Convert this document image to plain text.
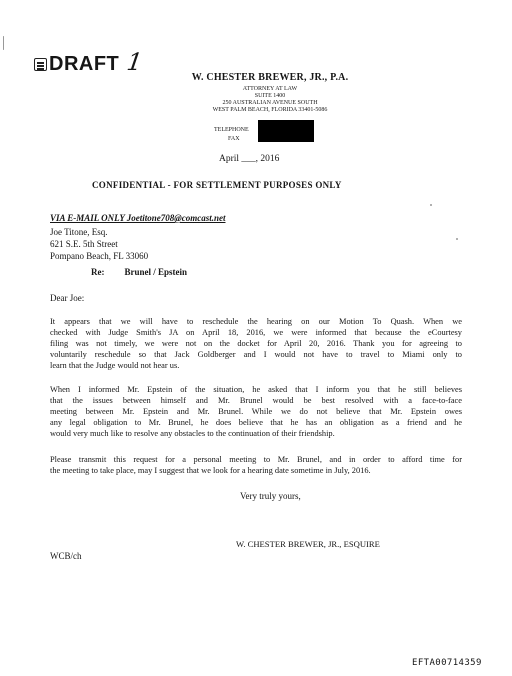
DRAFT 1
W. CHESTER BREWER, JR., P.A.
ATTORNEY AT LAW
SUITE 1400
250 AUSTRALIAN AVENUE SOUTH
WEST PALM BEACH, FLORIDA 33401-5086
TELEPHONE
FAX
April ___, 2016
CONFIDENTIAL - FOR SETTLEMENT PURPOSES ONLY
VIA E-MAIL ONLY Joetitone708@comcast.net
Joe Titone, Esq.
621 S.E. 5th Street
Pompano Beach, FL 33060
Re: Brunel / Epstein
Dear Joe:
It appears that we will have to reschedule the hearing on our Motion To Quash. When we
checked with Judge Smith's JA on April 18, 2016, we were informed that because the eCourtesy
filing was not timely, we were not on the docket for April 20, 2016. Thank you for agreeing to
voluntarily reschedule so that Jack Goldberger and I would not have to travel to Miami only to
learn that the Judge would not hear us.
When I informed Mr. Epstein of the situation, he asked that I inform you that he still believes
that the issues between himself and Mr. Brunel would be best resolved with a face-to-face
meeting between Mr. Epstein and Mr. Brunel. While we do not believe that Mr. Epstein owes
any legal obligation to Mr. Brunel, he does believe that he has an obligation as a friend and he
would very much like to resolve any obstacles to the continuation of their friendship.
Please transmit this request for a personal meeting to Mr. Brunel, and in order to afford time for
the meeting to take place, may I suggest that we look for a hearing date sometime in July, 2016.
Very truly yours,
W. CHESTER BREWER, JR., ESQUIRE
WCB/ch
EFTA00714359
